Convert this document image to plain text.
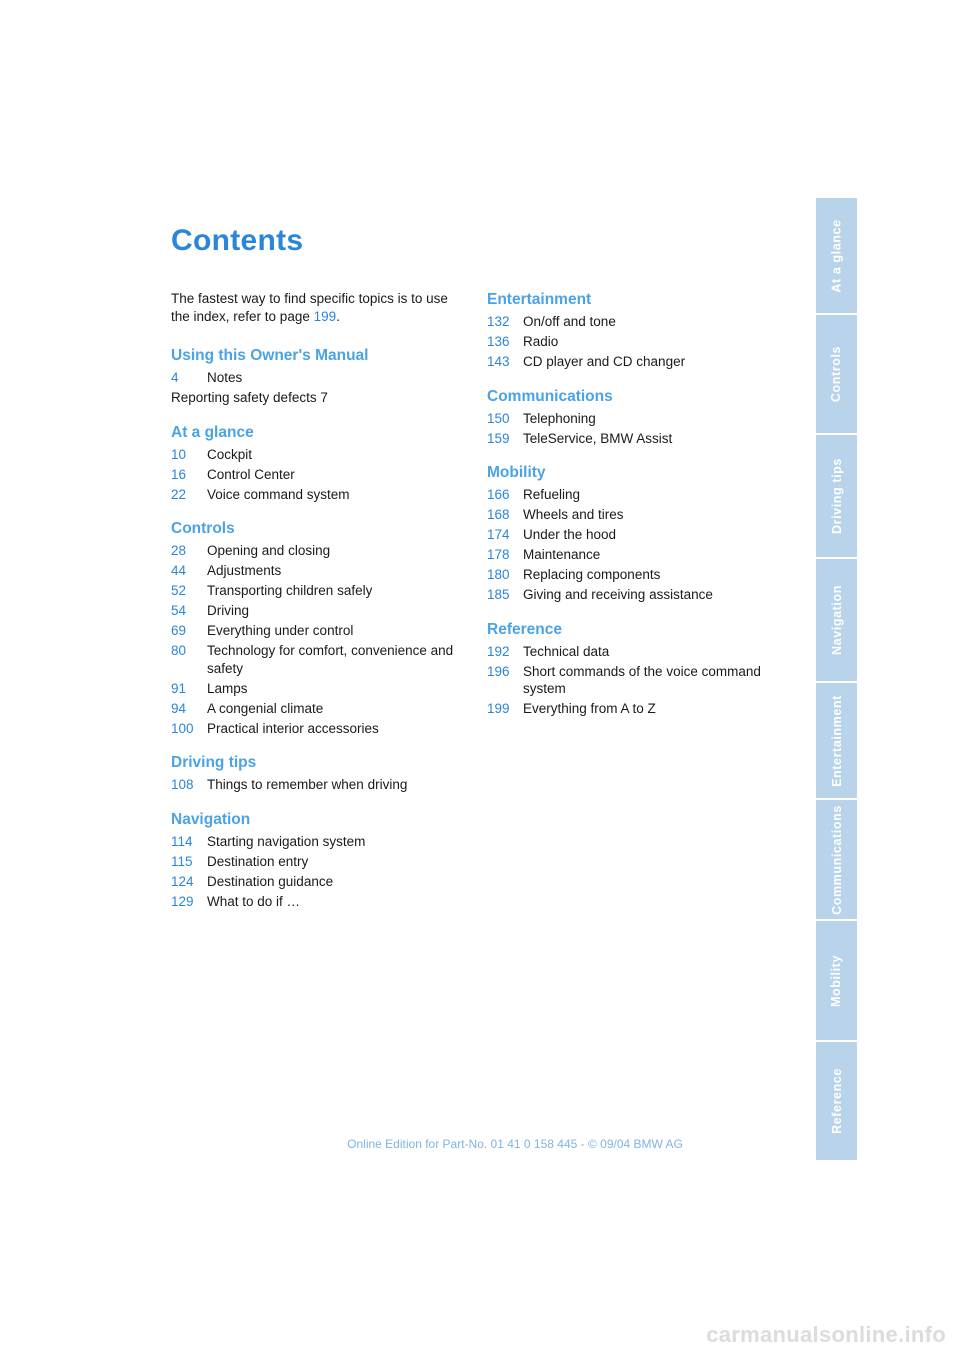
Contents

The fastest way to find specific topics is to use the index, refer to page 199.

Using this Owner's Manual
4	Notes
Reporting safety defects 7
At a glance
10	Cockpit
16	Control Center
22	Voice command system
Controls
28	Opening and closing
44	Adjustments
52	Transporting children safely
54	Driving
69	Everything under control
80	Technology for comfort, convenience and safety
91	Lamps
94	A congenial climate
100 Practical interior accessories
Driving tips
108 Things to remember when driving
Navigation
114	Starting navigation system
115	Destination entry
124 Destination guidance
129 What to do if …
Entertainment
132 On/off and tone
136 Radio
143 CD player and CD changer
Communications
150 Telephoning
159 TeleService, BMW Assist
Mobility
166 Refueling
168 Wheels and tires
174 Under the hood
178 Maintenance
180 Replacing components
185 Giving and receiving assistance
Reference
192 Technical data
196 Short commands of the voice command system
199 Everything from A to Z
At a glance
Controls
Driving tips
Navigation
Entertainment
Communications
Mobility
Reference
Online Edition for Part-No. 01 41 0 158 445 - © 09/04 BMW AG
carmanualsonline.info
